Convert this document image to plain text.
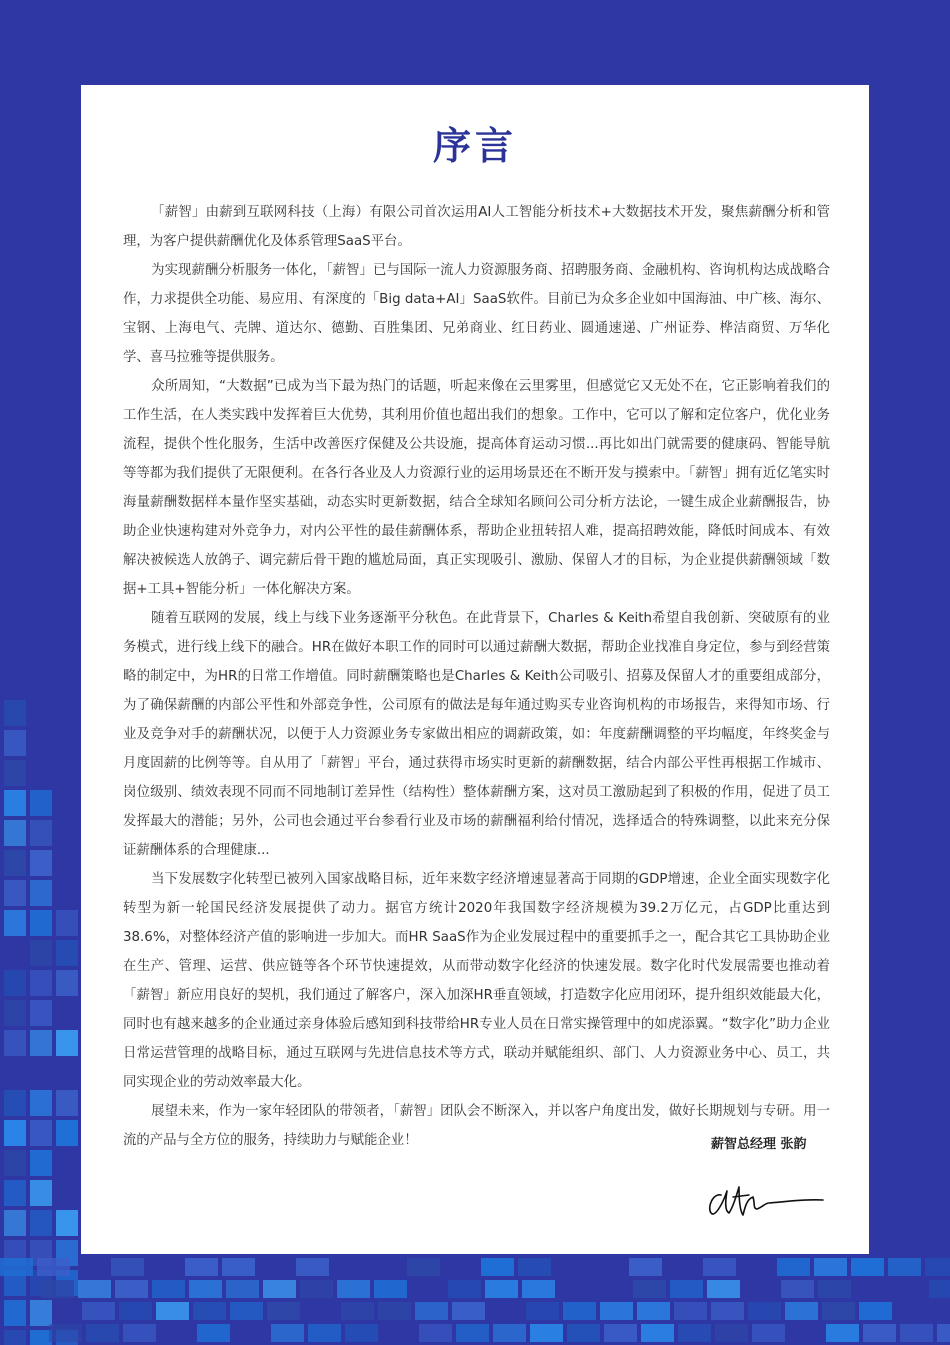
序言

「薪智」由薪到互联网科技（上海）有限公司首次运用AI人工智能分析技术+大数据技术开发，聚焦薪酬分析和管理，为客户提供薪酬优化及体系管理SaaS平台。

为实现薪酬分析服务一体化，「薪智」已与国际一流人力资源服务商、招聘服务商、金融机构、咨询机构达成战略合作，力求提供全功能、易应用、有深度的「Big data+AI」SaaS软件。目前已为众多企业如中国海油、中广核、海尔、宝钢、上海电气、壳牌、道达尔、德勤、百胜集团、兄弟商业、红日药业、圆通速递、广州证券、桦洁商贸、万华化学、喜马拉雅等提供服务。

众所周知，“大数据”已成为当下最为热门的话题，听起来像在云里雾里，但感觉它又无处不在，它正影响着我们的工作生活，在人类实践中发挥着巨大优势，其利用价值也超出我们的想象。工作中，它可以了解和定位客户，优化业务流程，提供个性化服务，生活中改善医疗保健及公共设施，提高体育运动习惯...再比如出门就需要的健康码、智能导航等等都为我们提供了无限便利。在各行各业及人力资源行业的运用场景还在不断开发与摸索中。「薪智」拥有近亿笔实时海量薪酬数据样本量作坚实基础，动态实时更新数据，结合全球知名顾问公司分析方法论，一键生成企业薪酬报告，协助企业快速构建对外竞争力，对内公平性的最佳薪酬体系，帮助企业扭转招人难，提高招聘效能，降低时间成本、有效解决被候选人放鸽子、调完薪后骨干跑的尴尬局面，真正实现吸引、激励、保留人才的目标，为企业提供薪酬领域「数据+工具+智能分析」一体化解决方案。

随着互联网的发展，线上与线下业务逐渐平分秋色。在此背景下，Charles & Keith希望自我创新、突破原有的业务模式，进行线上线下的融合。HR在做好本职工作的同时可以通过薪酬大数据，帮助企业找准自身定位，参与到经营策略的制定中，为HR的日常工作增值。同时薪酬策略也是Charles & Keith公司吸引、招募及保留人才的重要组成部分，为了确保薪酬的内部公平性和外部竞争性，公司原有的做法是每年通过购买专业咨询机构的市场报告，来得知市场、行业及竞争对手的薪酬状况，以便于人力资源业务专家做出相应的调薪政策，如：年度薪酬调整的平均幅度，年终奖金与月度固薪的比例等等。自从用了「薪智」平台，通过获得市场实时更新的薪酬数据，结合内部公平性再根据工作城市、岗位级别、绩效表现不同而不同地制订差异性（结构性）整体薪酬方案，这对员工激励起到了积极的作用，促进了员工发挥最大的潜能；另外，公司也会通过平台参看行业及市场的薪酬福利给付情况，选择适合的特殊调整，以此来充分保证薪酬体系的合理健康...

当下发展数字化转型已被列入国家战略目标，近年来数字经济增速显著高于同期的GDP增速，企业全面实现数字化转型为新一轮国民经济发展提供了动力。据官方统计2020年我国数字经济规模为39.2万亿元，占GDP比重达到38.6%，对整体经济产值的影响进一步加大。而HR SaaS作为企业发展过程中的重要抓手之一，配合其它工具协助企业在生产、管理、运营、供应链等各个环节快速提效，从而带动数字化经济的快速发展。数字化时代发展需要也推动着「薪智」新应用良好的契机，我们通过了解客户，深入加深HR垂直领域，打造数字化应用闭环，提升组织效能最大化，同时也有越来越多的企业通过亲身体验后感知到科技带给HR专业人员在日常实操管理中的如虎添翼。“数字化”助力企业日常运营管理的战略目标，通过互联网与先进信息技术等方式，联动并赋能组织、部门、人力资源业务中心、员工，共同实现企业的劳动效率最大化。

展望未来，作为一家年轻团队的带领者，「薪智」团队会不断深入，并以客户角度出发，做好长期规划与专研。用一流的产品与全方位的服务，持续助力与赋能企业！	薪智总经理 张韵
